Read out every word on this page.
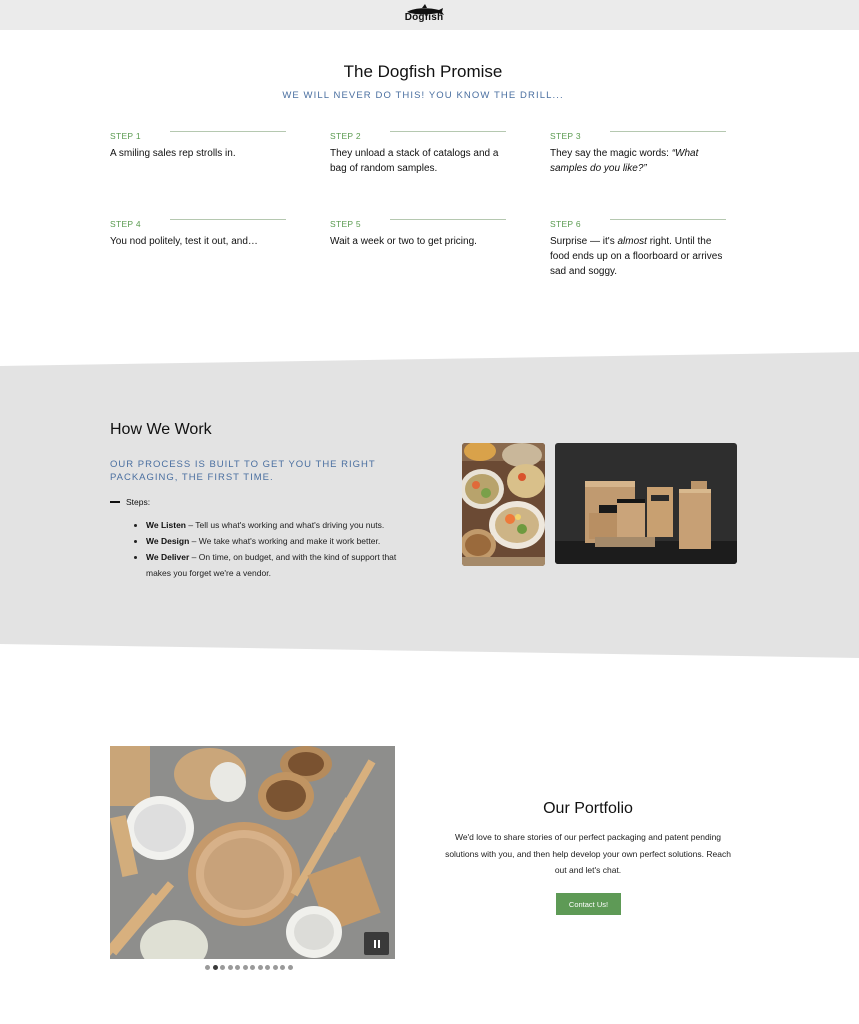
Dogfish
The Dogfish Promise
WE WILL NEVER DO THIS! YOU KNOW THE DRILL...
STEP 1
A smiling sales rep strolls in.
STEP 2
They unload a stack of catalogs and a bag of random samples.
STEP 3
They say the magic words: “What samples do you like?”
STEP 4
You nod politely, test it out, and…
STEP 5
Wait a week or two to get pricing.
STEP 6
Surprise — it's almost right. Until the food ends up on a floorboard or arrives sad and soggy.
How We Work
OUR PROCESS IS BUILT TO GET YOU THE RIGHT PACKAGING, THE FIRST TIME.
Steps:
• We Listen – Tell us what's working and what's driving you nuts.
• We Design – We take what's working and make it work better.
• We Deliver – On time, on budget, and with the kind of support that makes you forget we're a vendor.
Our Portfolio
We'd love to share stories of our perfect packaging and patent pending solutions with you, and then help develop your own perfect solutions. Reach out and let's chat.
Contact Us!
